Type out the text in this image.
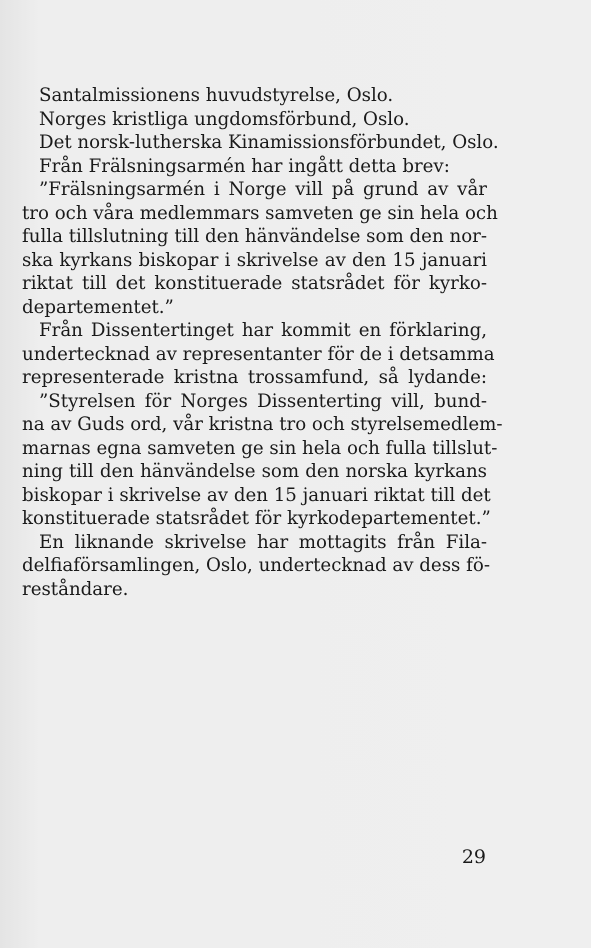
Santalmissionens huvudstyrelse, Oslo.
Norges kristliga ungdomsförbund, Oslo.
Det norsk-lutherska Kinamissionsförbundet, Oslo.
Från Frälsningsarmén har ingått detta brev:
”Frälsningsarmén i Norge vill på grund av vår
tro och våra medlemmars samveten ge sin hela och
fulla tillslutning till den hänvändelse som den nor-
ska kyrkans biskopar i skrivelse av den 15 januari
riktat till det konstituerade statsrådet för kyrko-
departementet.”
Från Dissentertinget har kommit en förklaring,
undertecknad av representanter för de i detsamma
representerade kristna trossamfund, så lydande:
”Styrelsen för Norges Dissenterting vill, bund-
na av Guds ord, vår kristna tro och styrelsemedlem-
marnas egna samveten ge sin hela och fulla tillslut-
ning till den hänvändelse som den norska kyrkans
biskopar i skrivelse av den 15 januari riktat till det
konstituerade statsrådet för kyrkodepartementet.”
En liknande skrivelse har mottagits från Fila-
delfiaförsamlingen, Oslo, undertecknad av dess fö-
reståndare.
29
